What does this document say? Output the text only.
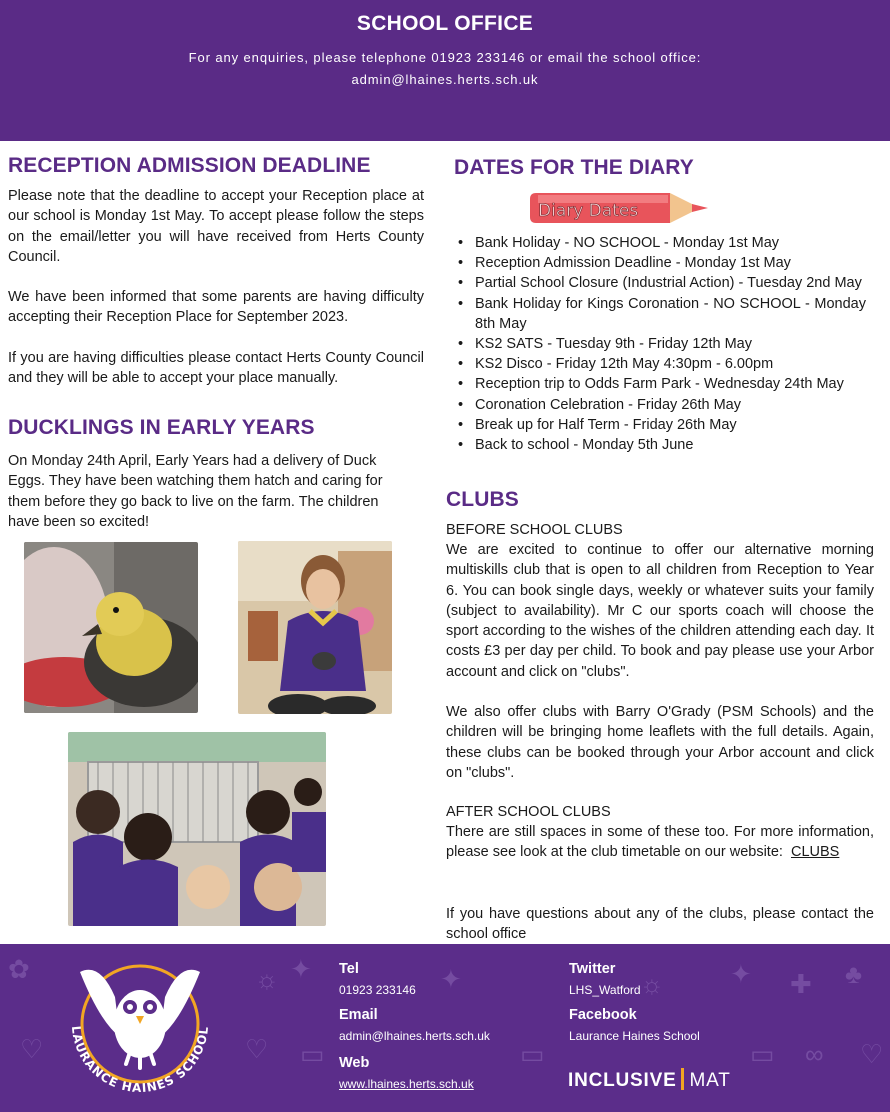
SCHOOL OFFICE
For any enquiries, please telephone 01923 233146 or email the school office:
admin@lhaines.herts.sch.uk
RECEPTION ADMISSION DEADLINE
Please note that the deadline to accept your Reception place at our school is Monday 1st May. To accept please follow the steps on the email/letter you will have received from Herts County Council.
We have been informed that some parents are having difficulty accepting their Reception Place for September 2023.
If you are having difficulties please contact Herts County Council and they will be able to accept your place manually.
DUCKLINGS IN EARLY YEARS
On Monday 24th April, Early Years had a delivery of Duck Eggs. They have been watching them hatch and caring for them before they go back to live on the farm. The children have been so excited!
DATES FOR THE DIARY
Diary Dates
• Bank Holiday - NO SCHOOL - Monday 1st May
• Reception Admission Deadline - Monday 1st May
• Partial School Closure (Industrial Action) - Tuesday 2nd May
• Bank Holiday for Kings Coronation - NO SCHOOL - Monday 8th May
• KS2 SATS - Tuesday 9th - Friday 12th May
• KS2 Disco - Friday 12th May 4:30pm - 6.00pm
• Reception trip to Odds Farm Park - Wednesday 24th May
• Coronation Celebration - Friday 26th May
• Break up for Half Term - Friday 26th May
• Back to school - Monday 5th June
CLUBS
BEFORE SCHOOL CLUBS
We are excited to continue to offer our alternative morning multiskills club that is open to all children from Reception to Year 6. You can book single days, weekly or whatever suits your family (subject to availability). Mr C our sports coach will choose the sport according to the wishes of the children attending each day. It costs £3 per day per child. To book and pay please use your Arbor account and click on "clubs".
We also offer clubs with Barry O'Grady (PSM Schools) and the children will be bringing home leaflets with the full details. Again, these clubs can be booked through your Arbor account and click on "clubs".
AFTER SCHOOL CLUBS
There are still spaces in some of these too. For more information, please see look at the club timetable on our website: CLUBS
If you have questions about any of the clubs, please contact the school office
✿
♡
☼
♡
✦
▭
✦
▭
☼	✦ ✚ ♣
▭ ∞ ♡
LAURANCE HAINES SCHOOL
Tel
01923 233146
Email
admin@lhaines.herts.sch.uk
Web
www.lhaines.herts.sch.uk
Twitter
LHS_Watford
Facebook
Laurance Haines School
INCLUSIVE MAT
